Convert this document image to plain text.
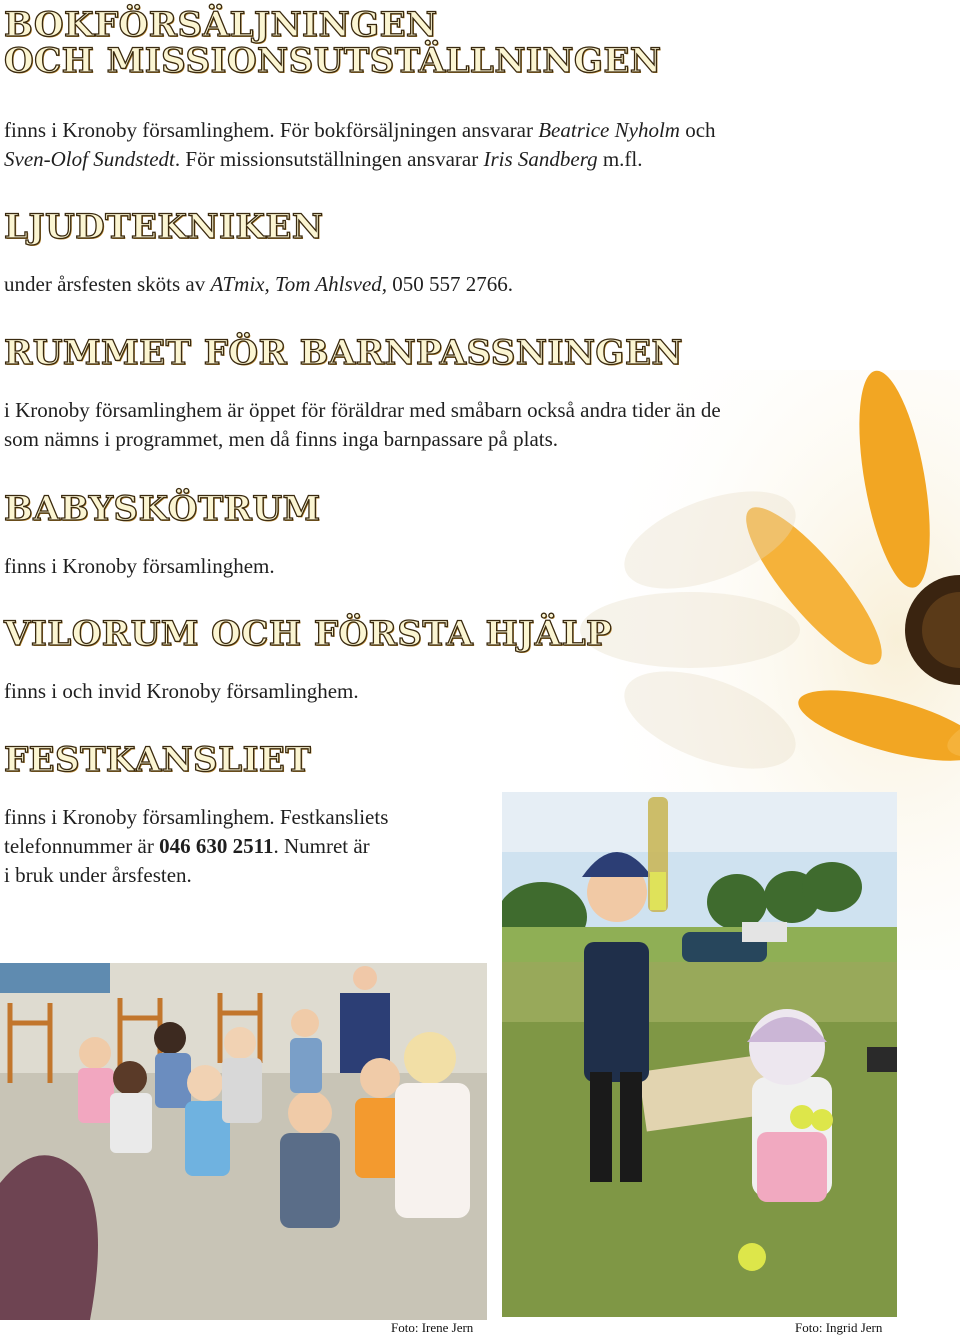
BOKFÖRSÄLJNINGEN
OCH MISSIONSUTSTÄLLNINGEN

finns i Kronoby församlinghem. För bokförsäljningen ansvarar Beatrice Nyholm och
Sven-Olof Sundstedt. För missionsutställningen ansvarar Iris Sandberg m.fl.

LJUDTEKNIKEN

under årsfesten sköts av ATmix, Tom Ahlsved, 050 557 2766.

RUMMET FÖR BARNPASSNINGEN

i Kronoby församlinghem är öppet för föräldrar med småbarn också andra tider än de
som nämns i programmet, men då finns inga barnpassare på plats.

BABYSKÖTRUM

finns i Kronoby församlinghem.

VILORUM OCH FÖRSTA HJÄLP

finns i och invid Kronoby församlinghem.

FESTKANSLIET

finns i Kronoby församlinghem. Festkansliets
telefonnummer är 046 630 2511. Numret är
i bruk under årsfesten.

Foto: Irene Jern	Foto: Ingrid Jern
